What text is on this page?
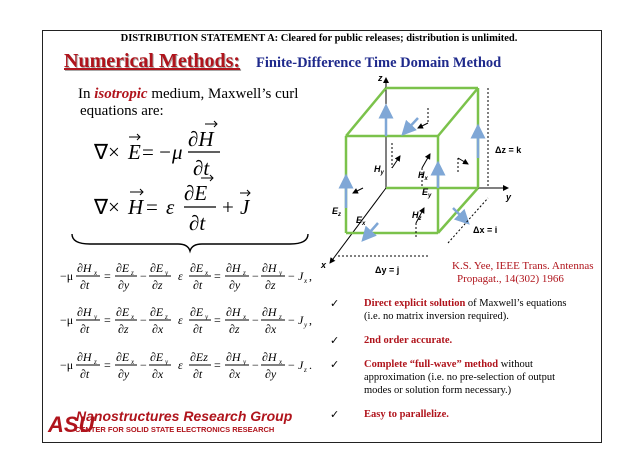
DISTRIBUTION STATEMENT A: Cleared for public releases; distribution is unlimited.
Numerical Methods: Finite-Difference Time Domain Method
In isotropic medium, Maxwell’s curl
equations are:
∇× E = − μ
∂H
∂t
∇× H = ε
∂E
∂t
+ J
−μ
∂H x
∂t
=
∂E z
∂y
−
∂E y
∂z
ε
∂E x
∂t
=
∂H z
∂y
−
∂H y
∂z
− J x ,
−μ
∂H y
∂t
=
∂E x
∂z
−
∂E z
∂x
ε
∂E y
∂t
=
∂H x
∂z
−
∂H z
∂x
− J y ,
−μ
∂H z
∂t
=
∂E x
∂y
−
∂E y
∂x
ε
∂Ez
∂t
=
∂H y
∂x
−
∂H x
∂y
− J z .
z
y
x
Δz = k
Δy = j
Δx = i
$H_y$	$H_x$
$E_y$
$E_z$ $E_x$
$H_z$
K.S. Yee, IEEE Trans. Antennas
Propagat., 14(302) 1966
✓ Direct explicit solution of Maxwell’s equations (i.e. no matrix inversion required).
✓ 2nd order accurate.
✓ Complete “full-wave” method without approximation (i.e. no pre-selection of output modes or solution form necessary.)
✓ Easy to parallelize.
ASU
Nanostructures Research Group
CENTER FOR SOLID STATE ELECTRONICS RESEARCH
